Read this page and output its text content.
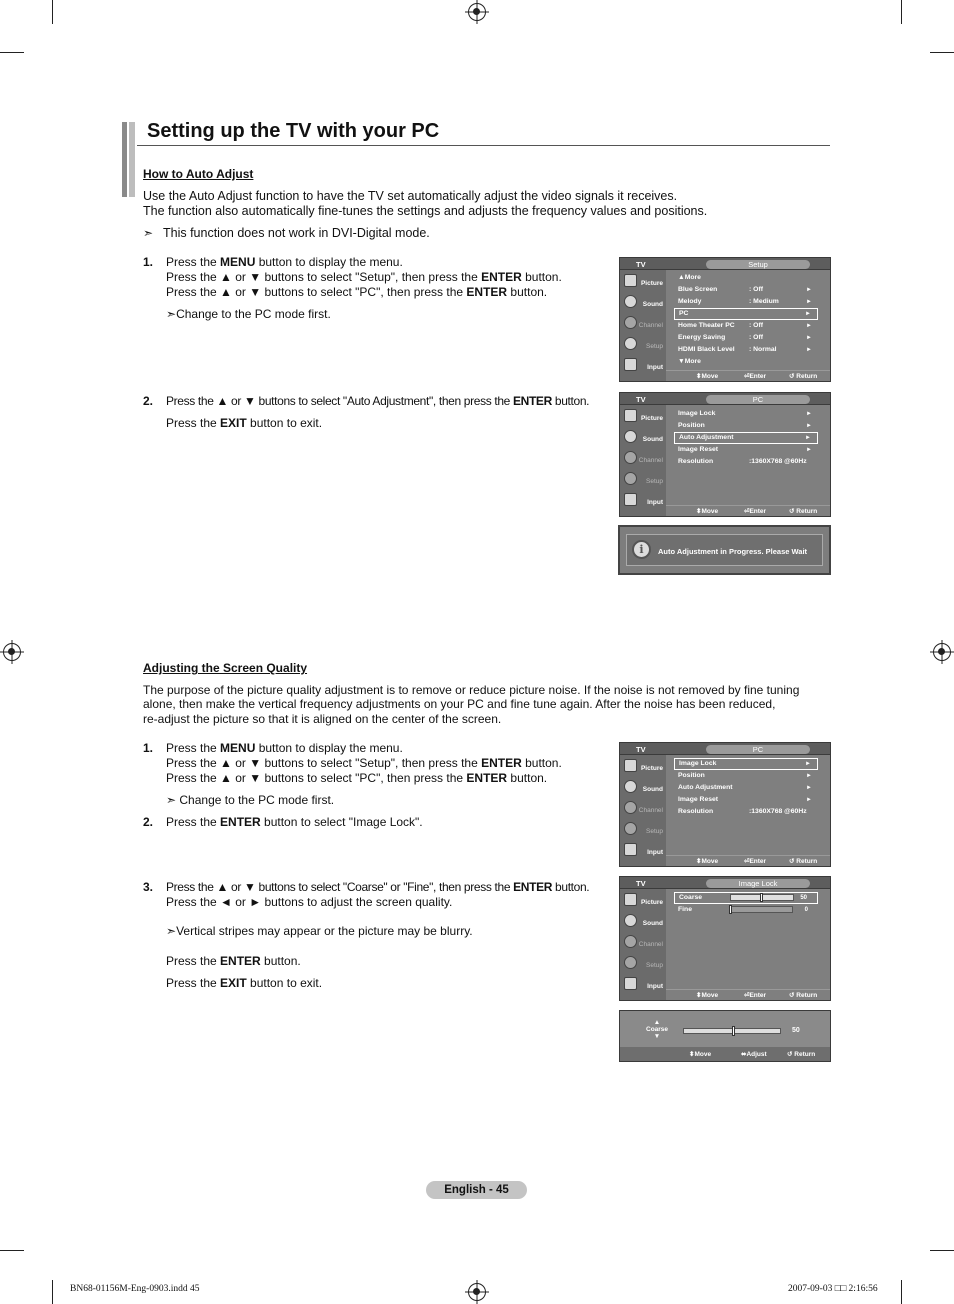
Setting up the TV with your PC
How to Auto Adjust
Use the Auto Adjust function to have the TV set automatically adjust the video signals it receives.
The function also automatically fine-tunes the settings and adjusts the frequency values and positions.
➣ This function does not work in DVI-Digital mode.
1. Press the MENU button to display the menu.
Press the ▲ or ▼ buttons to select "Setup", then press the ENTER button.
Press the ▲ or ▼ buttons to select "PC", then press the ENTER button.
➣Change to the PC mode first.
2. Press the ▲ or ▼ buttons to select "Auto Adjustment", then press the ENTER button.
Press the EXIT button to exit.
TV	Setup
Picture
Sound
Channel
Setup
Input
▲More
Blue Screen	: Off	►
Melody	: Medium	►
PC	►
Home Theater PC : Off	►
Energy Saving	: Off	►
HDMI Black Level : Normal	►
▼More
⬍Move	⏎Enter	↺ Return
TV	PC
Picture
Sound
Channel
Setup
Input
Image Lock	►
Position	►
Auto Adjustment	►
Image Reset	►
Resolution	:1360X768 @60Hz
⬍Move	⏎Enter	↺ Return
i	Auto Adjustment in Progress. Please Wait
Adjusting the Screen Quality
The purpose of the picture quality adjustment is to remove or reduce picture noise. If the noise is not removed by fine tuning
alone, then make the vertical frequency adjustments on your PC and fine tune again. After the noise has been reduced,
re-adjust the picture so that it is aligned on the center of the screen.
1. Press the MENU button to display the menu.
Press the ▲ or ▼ buttons to select "Setup", then press the ENTER button.
Press the ▲ or ▼ buttons to select "PC", then press the ENTER button.
➣ Change to the PC mode first.
2. Press the ENTER button to select "Image Lock".
3. Press the ▲ or ▼ buttons to select "Coarse" or "Fine", then press the ENTER button.
Press the ◄ or ► buttons to adjust the screen quality.
➣Vertical stripes may appear or the picture may be blurry.
Press the ENTER button.
Press the EXIT button to exit.
TV	PC
Picture
Sound
Channel
Setup
Input
Image Lock	►
Position	►
Auto Adjustment	►
Image Reset	►
Resolution	:1360X768 @60Hz
⬍Move	⏎Enter	↺ Return
TV	Image Lock
Picture
Sound
Channel
Setup
Input
Coarse	50
Fine	0
⬍Move	⏎Enter	↺ Return
▲
Coarse
▼
50
⬍Move	⬌Adjust	↺ Return
English - 45
BN68-01156M-Eng-0903.indd 45	2007-09-03 □□ 2:16:56
